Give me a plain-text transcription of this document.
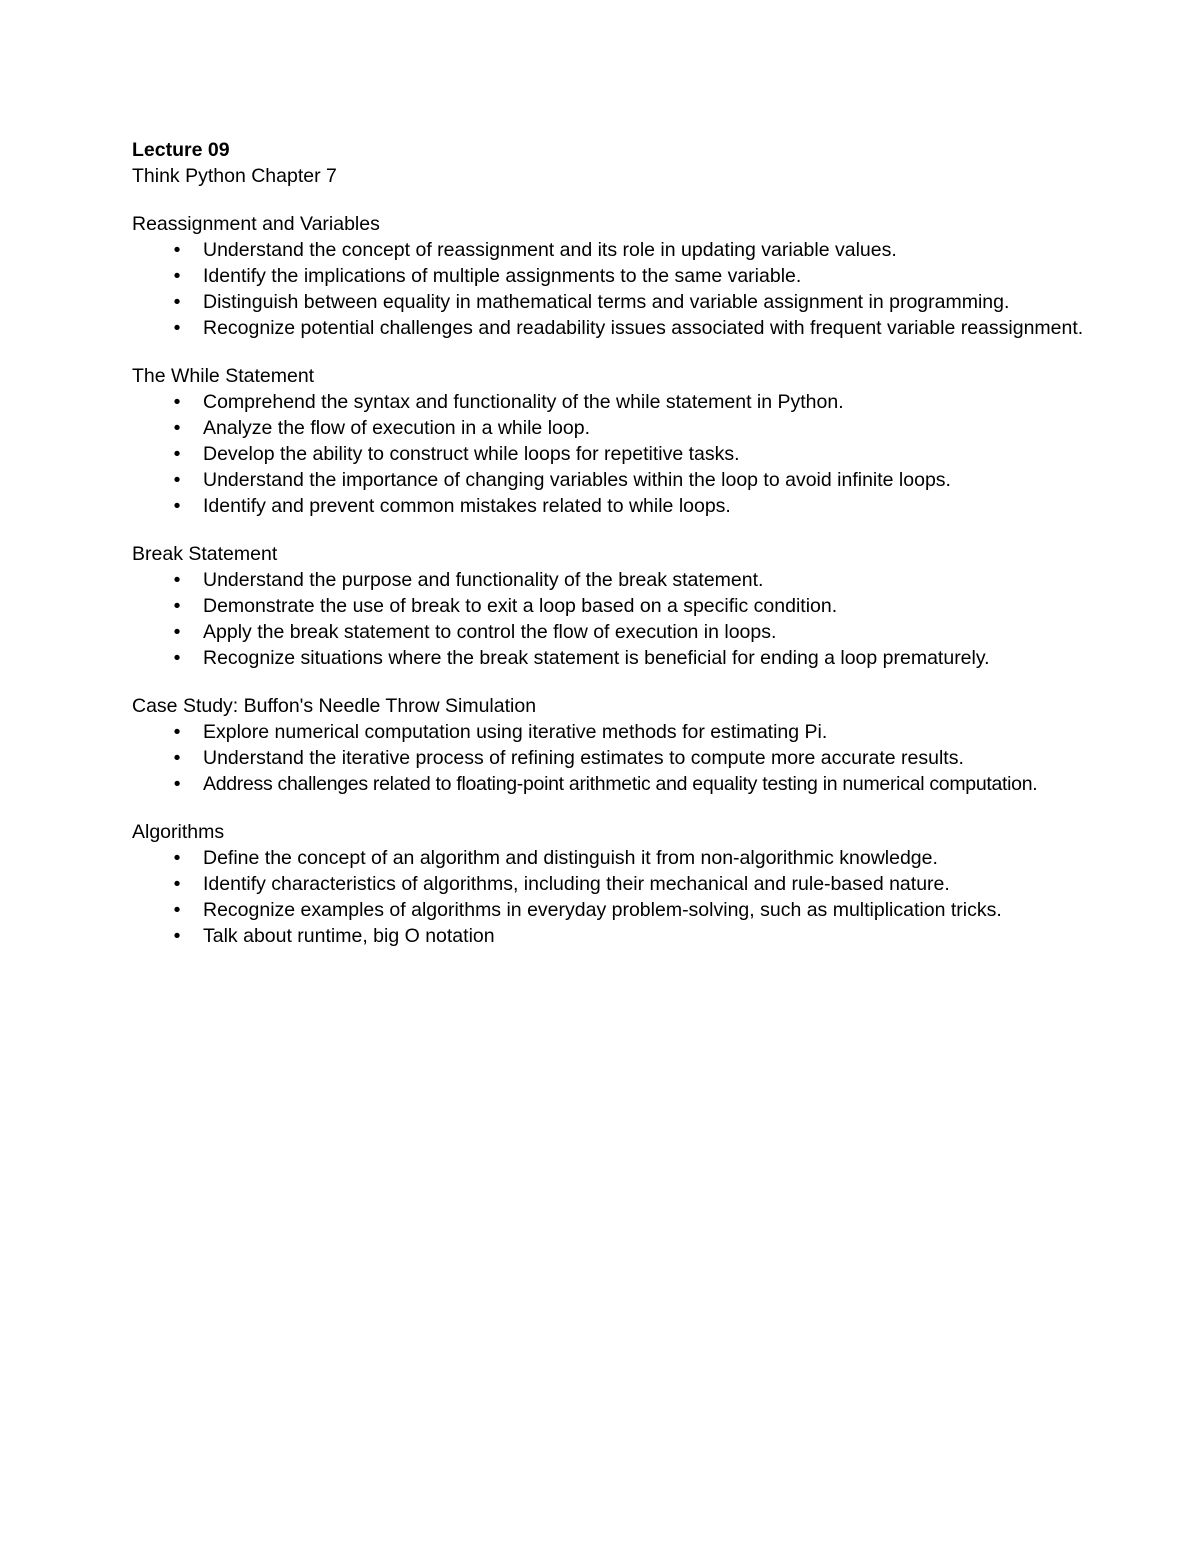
Lecture 09

Think Python Chapter 7

Reassignment and Variables

• Understand the concept of reassignment and its role in updating variable values.
• Identify the implications of multiple assignments to the same variable.
• Distinguish between equality in mathematical terms and variable assignment in programming.
• Recognize potential challenges and readability issues associated with frequent variable reassignment.

The While Statement

• Comprehend the syntax and functionality of the while statement in Python.
• Analyze the flow of execution in a while loop.
• Develop the ability to construct while loops for repetitive tasks.
• Understand the importance of changing variables within the loop to avoid infinite loops.
• Identify and prevent common mistakes related to while loops.

Break Statement

• Understand the purpose and functionality of the break statement.
• Demonstrate the use of break to exit a loop based on a specific condition.
• Apply the break statement to control the flow of execution in loops.
• Recognize situations where the break statement is beneficial for ending a loop prematurely.

Case Study: Buffon's Needle Throw Simulation

• Explore numerical computation using iterative methods for estimating Pi.
• Understand the iterative process of refining estimates to compute more accurate results.
• Address challenges related to floating-point arithmetic and equality testing in numerical computation.

Algorithms

• Define the concept of an algorithm and distinguish it from non-algorithmic knowledge.
• Identify characteristics of algorithms, including their mechanical and rule-based nature.
• Recognize examples of algorithms in everyday problem-solving, such as multiplication tricks.
• Talk about runtime, big O notation
